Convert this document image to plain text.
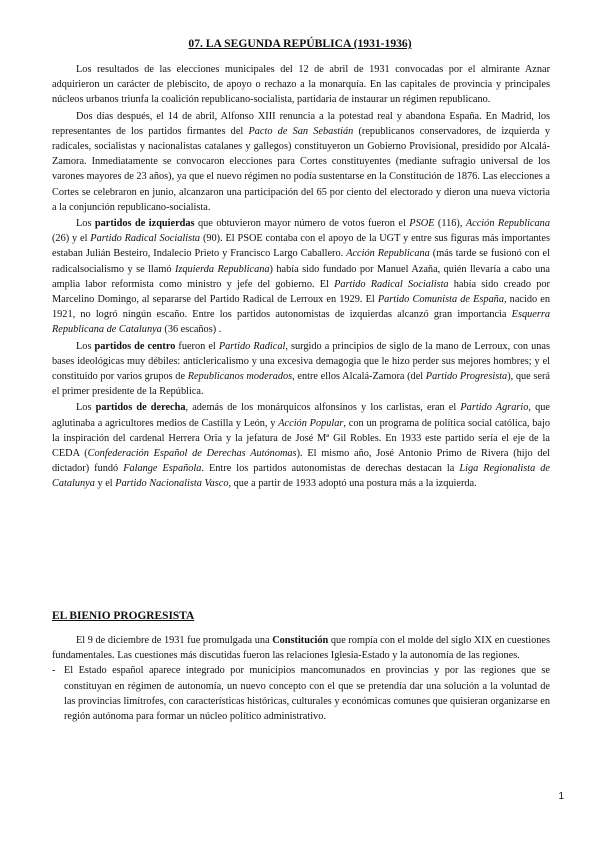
07. LA SEGUNDA REPÚBLICA (1931-1936)

Los resultados de las elecciones municipales del 12 de abril de 1931 convocadas por el almirante Aznar adquirieron un carácter de plebiscito, de apoyo o rechazo a la monarquía. En las capitales de provincia y principales núcleos urbanos triunfa la coalición republicano-socialista, partidaria de instaurar un régimen republicano.

Dos días después, el 14 de abril, Alfonso XIII renuncia a la potestad real y abandona España. En Madrid, los representantes de los partidos firmantes del Pacto de San Sebastián (republicanos conservadores, de izquierda y radicales, socialistas y nacionalistas catalanes y gallegos) constituyeron un Gobierno Provisional, presidido por Alcalá-Zamora. Inmediatamente se convocaron elecciones para Cortes constituyentes (mediante sufragio universal de los varones mayores de 23 años), ya que el nuevo régimen no podía sustentarse en la Constitución de 1876. Las elecciones a Cortes se celebraron en junio, alcanzaron una participación del 65 por ciento del electorado y dieron una nueva victoria a la conjunción republicano-socialista.

Los partidos de izquierdas que obtuvieron mayor número de votos fueron el PSOE (116), Acción Republicana (26) y el Partido Radical Socialista (90). El PSOE contaba con el apoyo de la UGT y entre sus figuras más importantes estaban Julián Besteiro, Indalecio Prieto y Francisco Largo Caballero. Acción Republicana (más tarde se fusionó con el radicalsocialismo y se llamó Izquierda Republicana) había sido fundado por Manuel Azaña, quién llevaría a cabo una amplia labor reformista como ministro y jefe del gobierno. El Partido Radical Socialista había sido creado por Marcelino Domingo, al separarse del Partido Radical de Lerroux en 1929. El Partido Comunista de España, nacido en 1921, no logró ningún escaño. Entre los partidos autonomistas de izquierdas alcanzó gran importancia Esquerra Republicana de Catalunya (36 escaños) .

Los partidos de centro fueron el Partido Radical, surgido a principios de siglo de la mano de Lerroux, con unas bases ideológicas muy débiles: anticlericalismo y una excesiva demagogia que le hizo perder sus mejores hombres; y el constituido por varios grupos de Republicanos moderados, entre ellos Alcalá-Zamora (del Partido Progresista), que será el primer presidente de la República.

Los partidos de derecha, además de los monárquicos alfonsinos y los carlistas, eran el Partido Agrario, que aglutinaba a agricultores medios de Castilla y León, y Acción Popular, con un programa de política social católica, bajo la inspiración del cardenal Herrera Oria y la jefatura de José Mª Gil Robles. En 1933 este partido sería el eje de la CEDA (Confederación Español de Derechas Autónomas). El mismo año, José Antonio Primo de Rivera (hijo del dictador) fundó Falange Española. Entre los partidos autonomistas de derechas destacan la Liga Regionalista de Catalunya y el Partido Nacionalista Vasco, que a partir de 1933 adoptó una postura más a la izquierda.

EL BIENIO PROGRESISTA

El 9 de diciembre de 1931 fue promulgada una Constitución que rompía con el molde del siglo XIX en cuestiones fundamentales. Las cuestiones más discutidas fueron las relaciones Iglesia-Estado y la autonomía de las regiones.

- El Estado español aparece integrado por municipios mancomunados en provincias y por las regiones que se constituyan en régimen de autonomía, un nuevo concepto con el que se pretendía dar una solución a la voluntad de las provincias limítrofes, con características históricas, culturales y económicas comunes que quisieran organizarse en región autónoma para formar un núcleo político administrativo.
1
